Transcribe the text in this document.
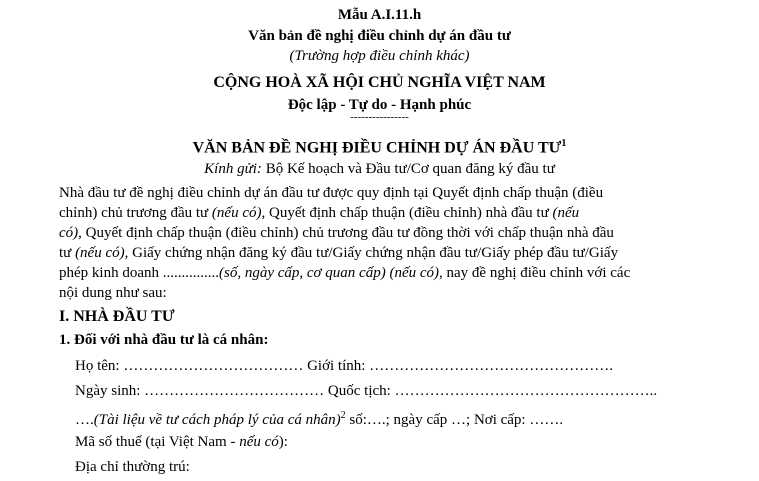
Mẫu A.I.11.h
Văn bản đề nghị điều chỉnh dự án đầu tư
(Trường hợp điều chỉnh khác)
CỘNG HOÀ XÃ HỘI CHỦ NGHĨA VIỆT NAM
Độc lập - Tự do - Hạnh phúc
----------------
VĂN BẢN ĐỀ NGHỊ ĐIỀU CHỈNH DỰ ÁN ĐẦU $TƯ^1$
Kính gửi: Bộ Kế hoạch và Đầu tư/Cơ quan đăng ký đầu tư
Nhà đầu tư đề nghị điều chỉnh dự án đầu tư được quy định tại Quyết định chấp thuận (điều
chỉnh) chủ trương đầu tư (nếu có), Quyết định chấp thuận (điều chỉnh) nhà đầu tư (nếu
có), Quyết định chấp thuận (điều chỉnh) chủ trương đầu tư đồng thời với chấp thuận nhà đầu
tư (nếu có), Giấy chứng nhận đăng ký đầu tư/Giấy chứng nhận đầu tư/Giấy phép đầu tư/Giấy
phép kinh doanh ...............(số, ngày cấp, cơ quan cấp) (nếu có), nay đề nghị điều chỉnh với các
nội dung như sau:
I. NHÀ ĐẦU TƯ
1. Đối với nhà đầu tư là cá nhân:
Họ tên: ……………………………… Giới tính: ………………………………………….
Ngày sinh: ……………………………… Quốc tịch: ……………………………………………..
….(Tài liệu về tư cách pháp lý của cá nhân)$^2$ số:….; ngày cấp …; Nơi cấp: …….
Mã số thuế (tại Việt Nam - nếu có):
Địa chỉ thường trú:
